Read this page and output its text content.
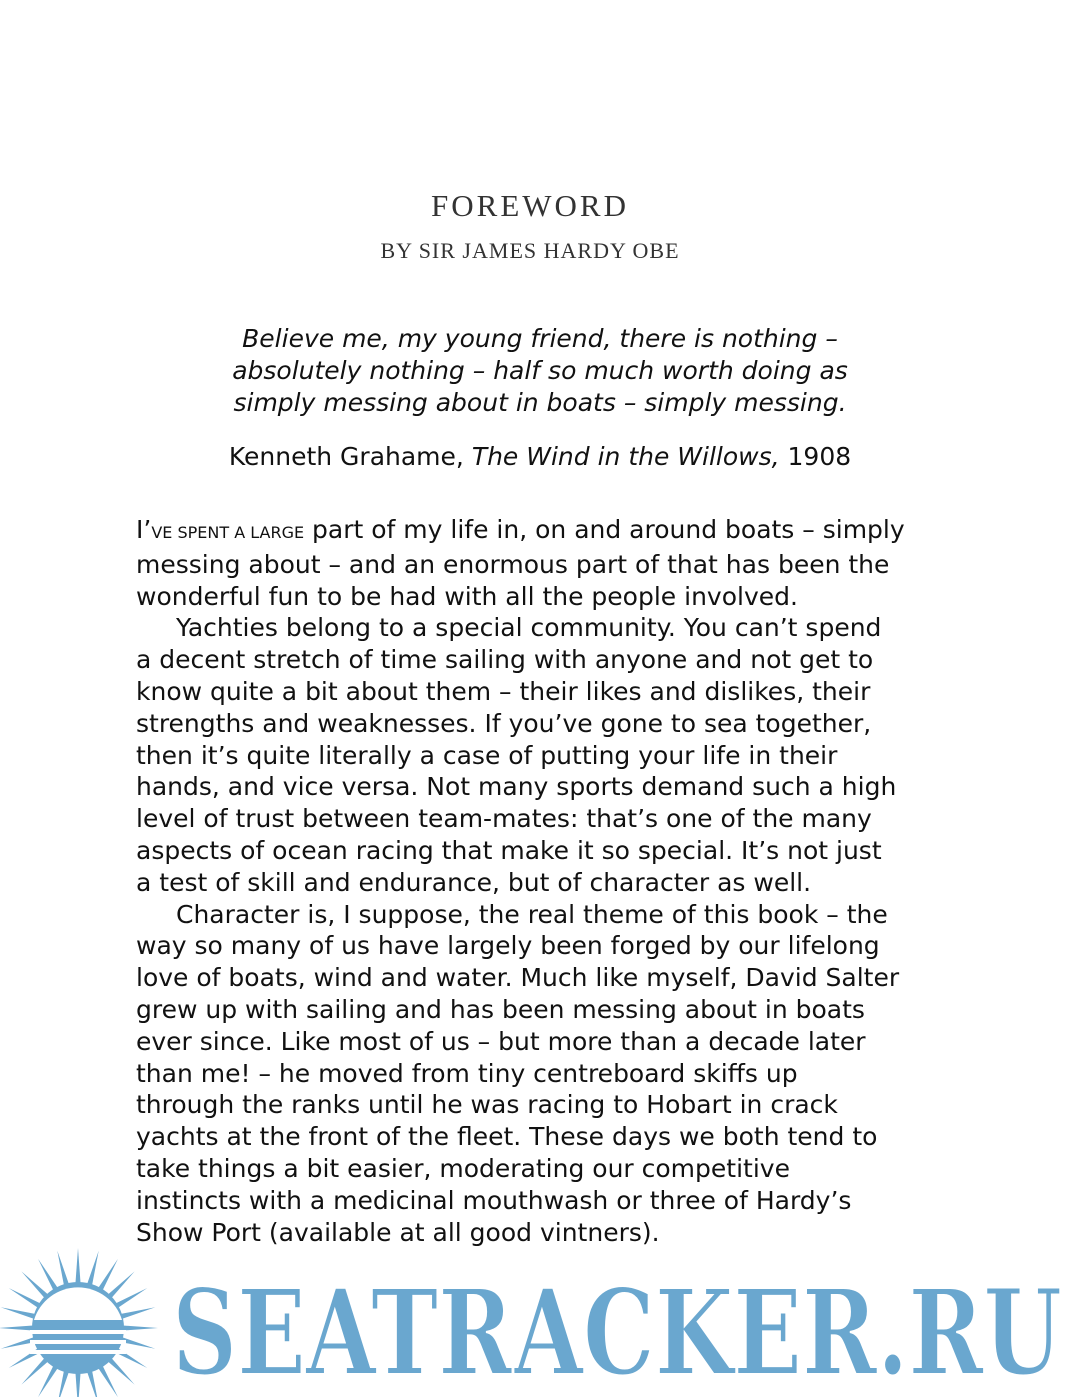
FOREWORD
BY SIR JAMES HARDY OBE
Believe me, my young friend, there is nothing –
absolutely nothing – half so much worth doing as
simply messing about in boats – simply messing.
Kenneth Grahame, The Wind in the Willows, 1908

I’VE SPENT A LARGE part of my life in, on and around boats – simply
messing about – and an enormous part of that has been the
wonderful fun to be had with all the people involved.

Yachties belong to a special community. You can’t spend
a decent stretch of time sailing with anyone and not get to
know quite a bit about them – their likes and dislikes, their
strengths and weaknesses. If you’ve gone to sea together,
then it’s quite literally a case of putting your life in their
hands, and vice versa. Not many sports demand such a high
level of trust between team-mates: that’s one of the many
aspects of ocean racing that make it so special. It’s not just
a test of skill and endurance, but of character as well.

Character is, I suppose, the real theme of this book – the
way so many of us have largely been forged by our lifelong
love of boats, wind and water. Much like myself, David Salter
grew up with sailing and has been messing about in boats
ever since. Like most of us – but more than a decade later
than me! – he moved from tiny centreboard skiffs up
through the ranks until he was racing to Hobart in crack
yachts at the front of the fleet. These days we both tend to
take things a bit easier, moderating our competitive
instincts with a medicinal mouthwash or three of Hardy’s
Show Port (available at all good vintners).

SEATRACKER.RU
